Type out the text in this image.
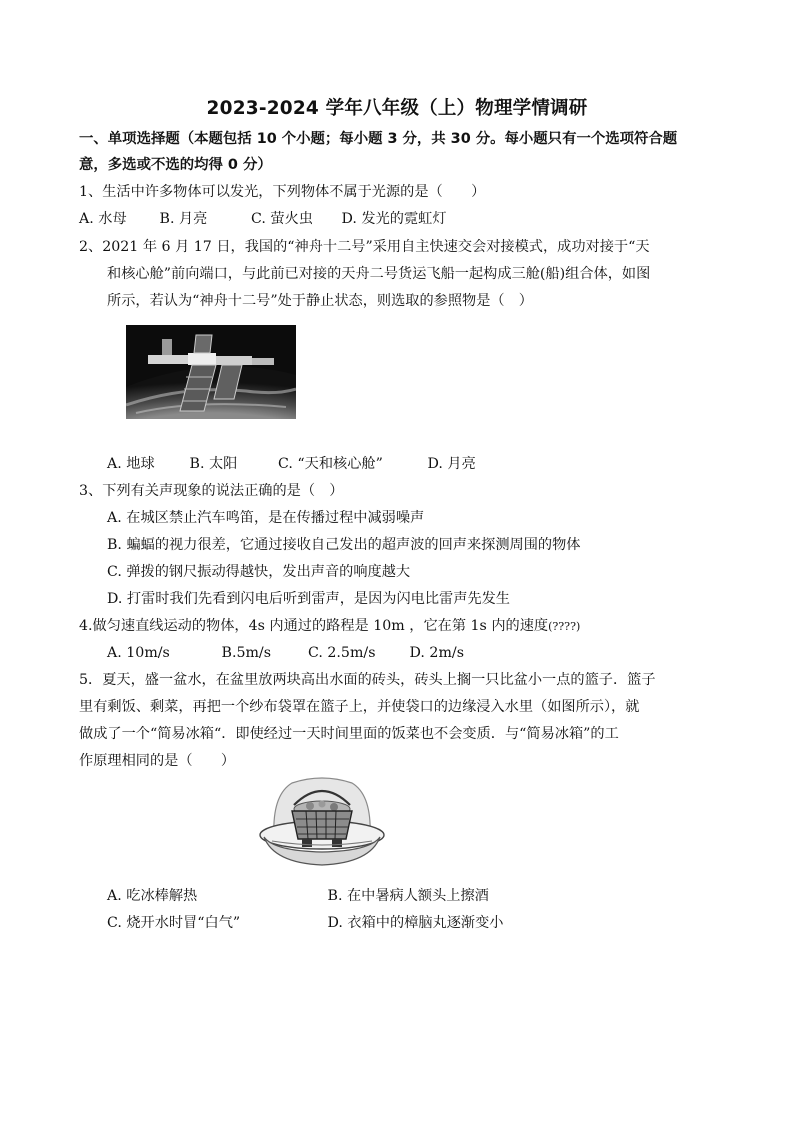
2023-2024 学年八年级（上）物理学情调研
一、单项选择题（本题包括 10 个小题；每小题 3 分，共 30 分。每小题只有一个选项符合题
意，多选或不选的均得 0 分）
1、生活中许多物体可以发光，下列物体不属于光源的是（　　）
A. 水母 B. 月亮	C. 萤火虫 D. 发光的霓虹灯
2、2021 年 6 月 17 日，我国的“神舟十二号”采用自主快速交会对接模式，成功对接于“天
和核心舱”前向端口，与此前已对接的天舟二号货运飞船一起构成三舱(船)组合体，如图
所示，若认为“神舟十二号”处于静止状态，则选取的参照物是（　）
A. 地球 B. 太阳	C. “天和核心舱”	D. 月亮
3、下列有关声现象的说法正确的是（　）
A. 在城区禁止汽车鸣笛，是在传播过程中减弱噪声
B. 蝙蝠的视力很差，它通过接收自己发出的超声波的回声来探测周围的物体
C. 弹拨的钢尺振动得越快，发出声音的响度越大
D. 打雷时我们先看到闪电后听到雷声，是因为闪电比雷声先发生
4.做匀速直线运动的物体，4s 内通过的路程是 10m ，它在第 1s 内的速度(????)
A. 10m/s	B.5m/s	C. 2.5m/s D. 2m/s
5．夏天，盛一盆水，在盆里放两块高出水面的砖头，砖头上搁一只比盆小一点的篮子．篮子
里有剩饭、剩菜，再把一个纱布袋罩在篮子上，并使袋口的边缘浸入水里（如图所示），就
做成了一个“简易冰箱“．即使经过一天时间里面的饭菜也不会变质．与“简易冰箱”的工
作原理相同的是（　　）
A. 吃冰棒解热	B. 在中暑病人额头上擦酒
C. 烧开水时冒“白气”	D. 衣箱中的樟脑丸逐渐变小
